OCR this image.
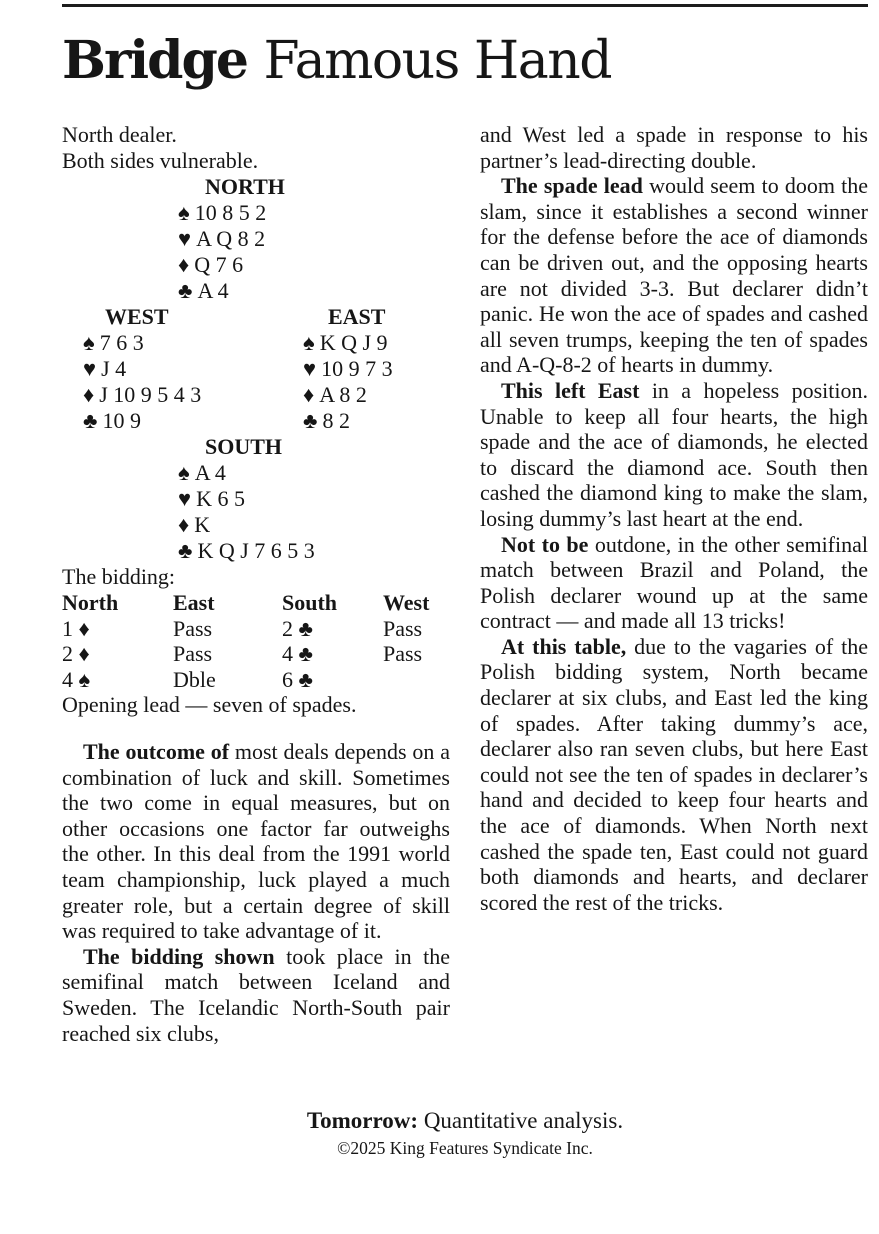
Bridge Famous Hand
North dealer.
Both sides vulnerable.
NORTH
♠ 10 8 5 2
♥ A Q 8 2
♦ Q 7 6
♣ A 4
WEST
♠ 7 6 3
♥ J 4
♦ J 10 9 5 4 3
♣ 10 9
EAST
♠ K Q J 9
♥ 10 9 7 3
♦ A 8 2
♣ 8 2
SOUTH
♠ A 4
♥ K 6 5
♦ K
♣ K Q J 7 6 5 3
The bidding:
North	East	South	West
1 ♦	Pass	2 ♣	Pass
2 ♦	Pass	4 ♣	Pass
4 ♠	Dble	6 ♣
Opening lead — seven of spades.

The outcome of most deals depends on a combination of luck and skill. Sometimes the two come in equal measures, but on other occasions one factor far outweighs the other. In this deal from the 1991 world team championship, luck played a much greater role, but a certain degree of skill was required to take advantage of it.

The bidding shown took place in the semifinal match between Iceland and Sweden. The Icelandic North-South pair reached six clubs,

and West led a spade in response to his partner’s lead-directing double.

The spade lead would seem to doom the slam, since it establishes a second winner for the defense before the ace of diamonds can be driven out, and the opposing hearts are not divided 3-3. But declarer didn’t panic. He won the ace of spades and cashed all seven trumps, keeping the ten of spades and A-Q-8-2 of hearts in dummy.

This left East in a hopeless position. Unable to keep all four hearts, the high spade and the ace of diamonds, he elected to discard the diamond ace. South then cashed the diamond king to make the slam, losing dummy’s last heart at the end.

Not to be outdone, in the other semifinal match between Brazil and Poland, the Polish declarer wound up at the same contract — and made all 13 tricks!

At this table, due to the vagaries of the Polish bidding system, North became declarer at six clubs, and East led the king of spades. After taking dummy’s ace, declarer also ran seven clubs, but here East could not see the ten of spades in declarer’s hand and decided to keep four hearts and the ace of diamonds. When North next cashed the spade ten, East could not guard both diamonds and hearts, and declarer scored the rest of the tricks.

Tomorrow: Quantitative analysis.
©2025 King Features Syndicate Inc.
